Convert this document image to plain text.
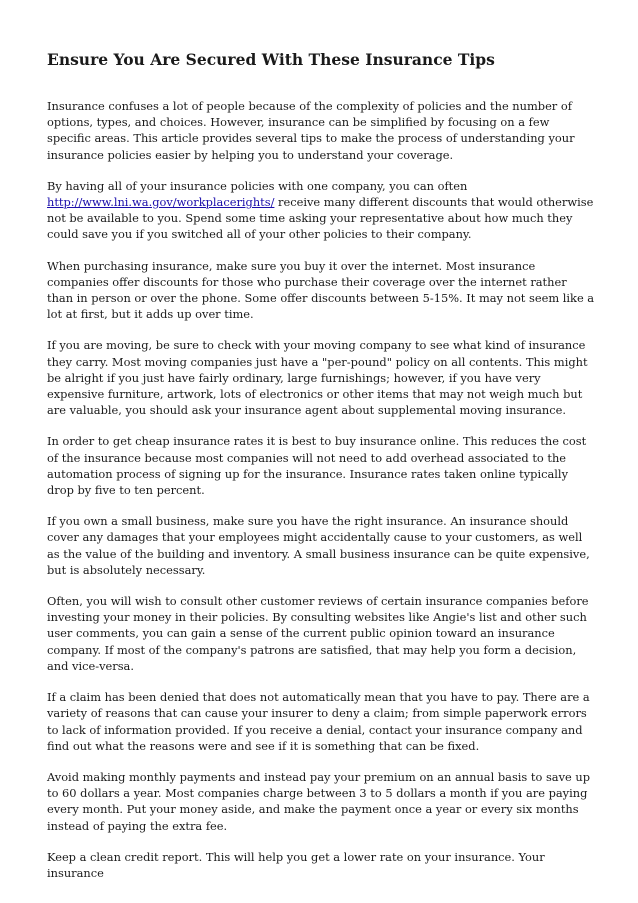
Ensure You Are Secured With These Insurance Tips

Insurance confuses a lot of people because of the complexity of policies and the number of options, types, and choices. However, insurance can be simplified by focusing on a few specific areas. This article provides several tips to make the process of understanding your insurance policies easier by helping you to understand your coverage.

By having all of your insurance policies with one company, you can often http://www.lni.wa.gov/workplacerights/ receive many different discounts that would otherwise not be available to you. Spend some time asking your representative about how much they could save you if you switched all of your other policies to their company.

When purchasing insurance, make sure you buy it over the internet. Most insurance companies offer discounts for those who purchase their coverage over the internet rather than in person or over the phone. Some offer discounts between 5-15%. It may not seem like a lot at first, but it adds up over time.

If you are moving, be sure to check with your moving company to see what kind of insurance they carry. Most moving companies just have a "per-pound" policy on all contents. This might be alright if you just have fairly ordinary, large furnishings; however, if you have very expensive furniture, artwork, lots of electronics or other items that may not weigh much but are valuable, you should ask your insurance agent about supplemental moving insurance.

In order to get cheap insurance rates it is best to buy insurance online. This reduces the cost of the insurance because most companies will not need to add overhead associated to the automation process of signing up for the insurance. Insurance rates taken online typically drop by five to ten percent.

If you own a small business, make sure you have the right insurance. An insurance should cover any damages that your employees might accidentally cause to your customers, as well as the value of the building and inventory. A small business insurance can be quite expensive, but is absolutely necessary.

Often, you will wish to consult other customer reviews of certain insurance companies before investing your money in their policies. By consulting websites like Angie's list and other such user comments, you can gain a sense of the current public opinion toward an insurance company. If most of the company's patrons are satisfied, that may help you form a decision, and vice-versa.

If a claim has been denied that does not automatically mean that you have to pay. There are a variety of reasons that can cause your insurer to deny a claim; from simple paperwork errors to lack of information provided. If you receive a denial, contact your insurance company and find out what the reasons were and see if it is something that can be fixed.

Avoid making monthly payments and instead pay your premium on an annual basis to save up to 60 dollars a year. Most companies charge between 3 to 5 dollars a month if you are paying every month. Put your money aside, and make the payment once a year or every six months instead of paying the extra fee.

Keep a clean credit report. This will help you get a lower rate on your insurance. Your insurance
